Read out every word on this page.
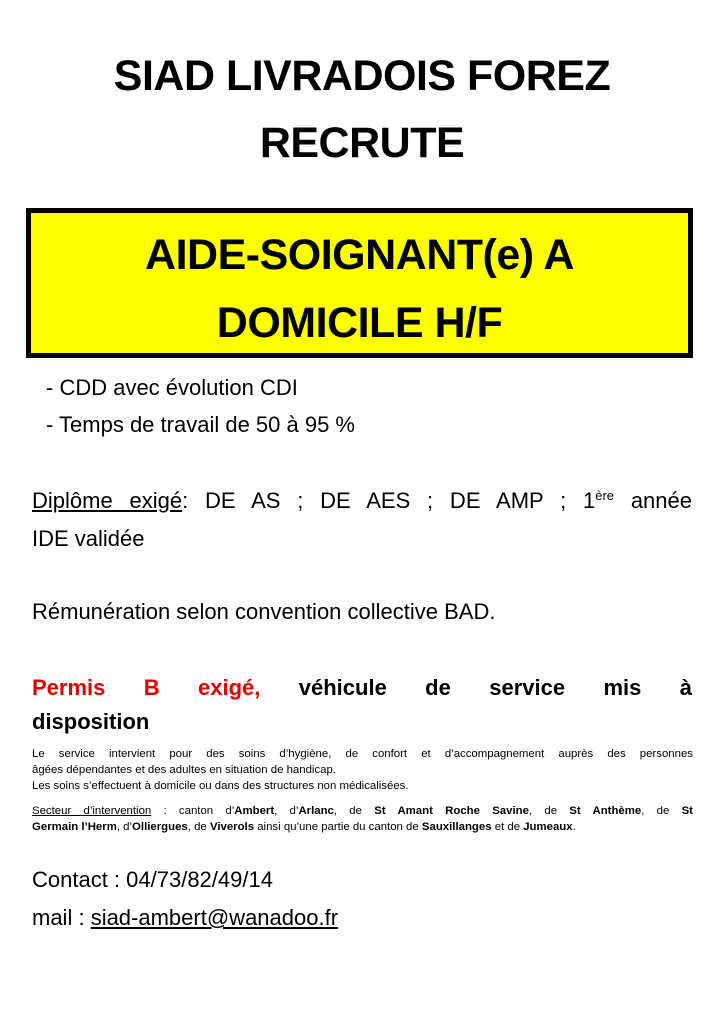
SIAD LIVRADOIS FOREZ
RECRUTE
AIDE-SOIGNANT(e) A
DOMICILE H/F
- CDD avec évolution CDI
- Temps de travail de 50 à 95 %
Diplôme exigé: DE AS ; DE AES ; DE AMP ; 1ère année
IDE validée
Rémunération selon convention collective BAD.
Permis B exigé, véhicule de service mis à
disposition
Le service intervient pour des soins d’hygiène, de confort et d’accompagnement auprès des personnes
âgées dépendantes et des adultes en situation de handicap.
Les soins s’effectuent à domicile ou dans des structures non médicalisées.
Secteur d’intervention : canton d’Ambert, d’Arlanc, de St Amant Roche Savine, de St Anthème, de St
Germain l’Herm, d’Olliergues, de Viverols ainsi qu’une partie du canton de Sauxillanges et de Jumeaux.
Contact : 04/73/82/49/14
mail : siad-ambert@wanadoo.fr
